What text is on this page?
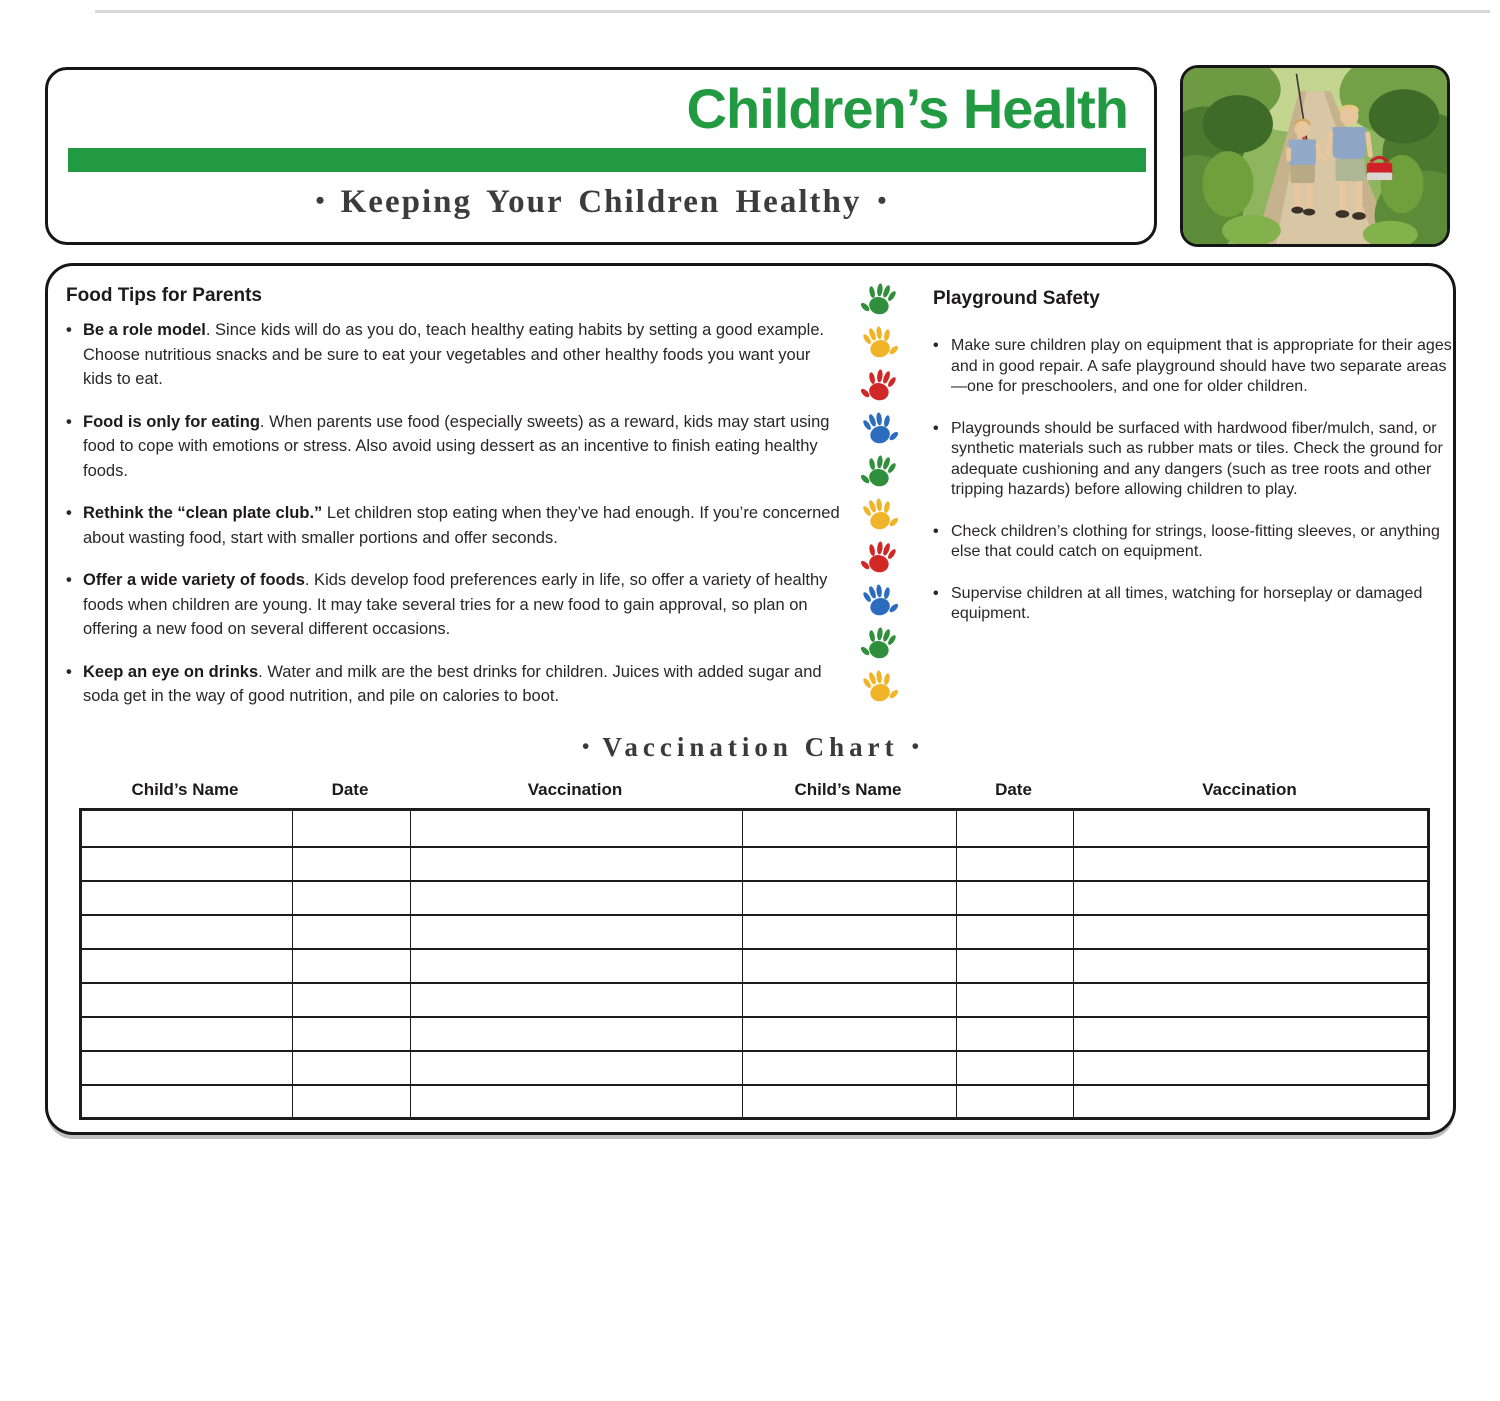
Children’s Health
• Keeping Your Children Healthy •
Food Tips for Parents
• Be a role model. Since kids will do as you do, teach healthy eating habits by setting a good example. Choose nutritious snacks and be sure to eat your vegetables and other healthy foods you want your kids to eat.
• Food is only for eating. When parents use food (especially sweets) as a reward, kids may start using food to cope with emotions or stress. Also avoid using dessert as an incentive to finish eating healthy foods.
• Rethink the “clean plate club.” Let children stop eating when they’ve had enough. If you’re concerned about wasting food, start with smaller portions and offer seconds.
• Offer a wide variety of foods. Kids develop food preferences early in life, so offer a variety of healthy foods when children are young. It may take several tries for a new food to gain approval, so plan on offering a new food on several different occasions.
• Keep an eye on drinks. Water and milk are the best drinks for children. Juices with added sugar and soda get in the way of good nutrition, and pile on calories to boot.
Playground Safety
• Make sure children play on equipment that is appropriate for their ages and in good repair. A safe playground should have two separate areas—one for preschoolers, and one for older children.
• Playgrounds should be surfaced with hardwood fiber/mulch, sand, or synthetic materials such as rubber mats or tiles. Check the ground for adequate cushioning and any dangers (such as tree roots and other tripping hazards) before allowing children to play.
• Check children’s clothing for strings, loose-fitting sleeves, or anything else that could catch on equipment.
• Supervise children at all times, watching for horseplay or damaged equipment.
• Vaccination Chart •
Child’s Name	Date	Vaccination	Child’s Name	Date	Vaccination
